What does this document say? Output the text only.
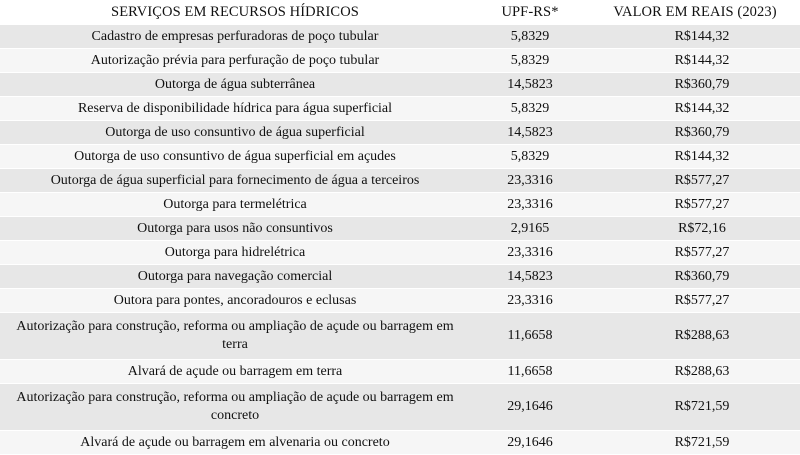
SERVIÇOS EM RECURSOS HÍDRICOS	UPF-RS*	VALOR EM REAIS (2023)
Cadastro de empresas perfuradoras de poço tubular	5,8329	R$144,32
Autorização prévia para perfuração de poço tubular	5,8329	R$144,32
Outorga de água subterrânea	14,5823	R$360,79
Reserva de disponibilidade hídrica para água superficial	5,8329	R$144,32
Outorga de uso consuntivo de água superficial	14,5823	R$360,79
Outorga de uso consuntivo de água superficial em açudes	5,8329	R$144,32
Outorga de água superficial para fornecimento de água a terceiros	23,3316	R$577,27
Outorga para termelétrica	23,3316	R$577,27
Outorga para usos não consuntivos	2,9165	R$72,16
Outorga para hidrelétrica	23,3316	R$577,27
Outorga para navegação comercial	14,5823	R$360,79
Outora para pontes, ancoradouros e eclusas	23,3316	R$577,27
Autorização para construção, reforma ou ampliação de açude ou barragem em terra	11,6658	R$288,63
Alvará de açude ou barragem em terra	11,6658	R$288,63
Autorização para construção, reforma ou ampliação de açude ou barragem em concreto	29,1646	R$721,59
Alvará de açude ou barragem em alvenaria ou concreto	29,1646	R$721,59
